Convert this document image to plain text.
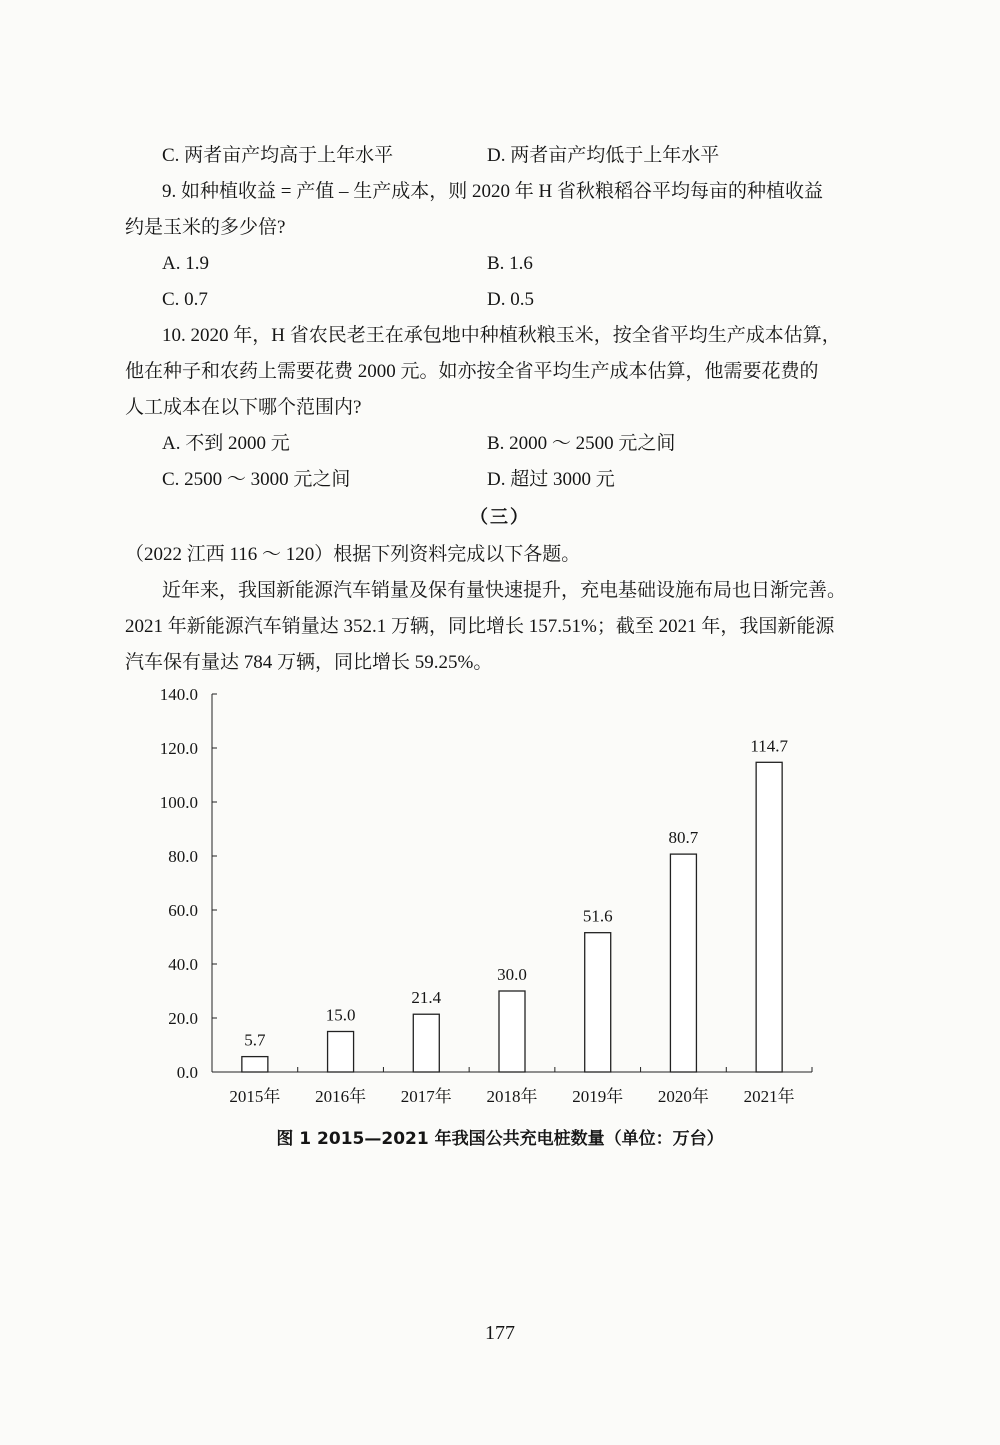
C. 两者亩产均高于上年水平	D. 两者亩产均低于上年水平
9. 如种植收益 = 产值 – 生产成本，则 2020 年 H 省秋粮稻谷平均每亩的种植收益
约是玉米的多少倍?
A. 1.9	B. 1.6
C. 0.7	D. 0.5
10. 2020 年，H 省农民老王在承包地中种植秋粮玉米，按全省平均生产成本估算，
他在种子和农药上需要花费 2000 元。如亦按全省平均生产成本估算，他需要花费的
人工成本在以下哪个范围内?
A. 不到 2000 元	B. 2000 ～ 2500 元之间
C. 2500 ～ 3000 元之间	D. 超过 3000 元
（三）
（2022 江西 116 ～ 120）根据下列资料完成以下各题。
近年来，我国新能源汽车销量及保有量快速提升，充电基础设施布局也日渐完善。
2021 年新能源汽车销量达 352.1 万辆，同比增长 157.51%；截至 2021 年，我国新能源
汽车保有量达 784 万辆，同比增长 59.25%。
0.0
20.0
40.0
60.0
80.0
100.0
120.0
140.0
5.7
2015年
15.0
2016年
21.4
2017年
30.0
2018年
51.6
2019年
80.7
2020年
114.7
2021年
图 1 2015—2021 年我国公共充电桩数量（单位：万台）
177
